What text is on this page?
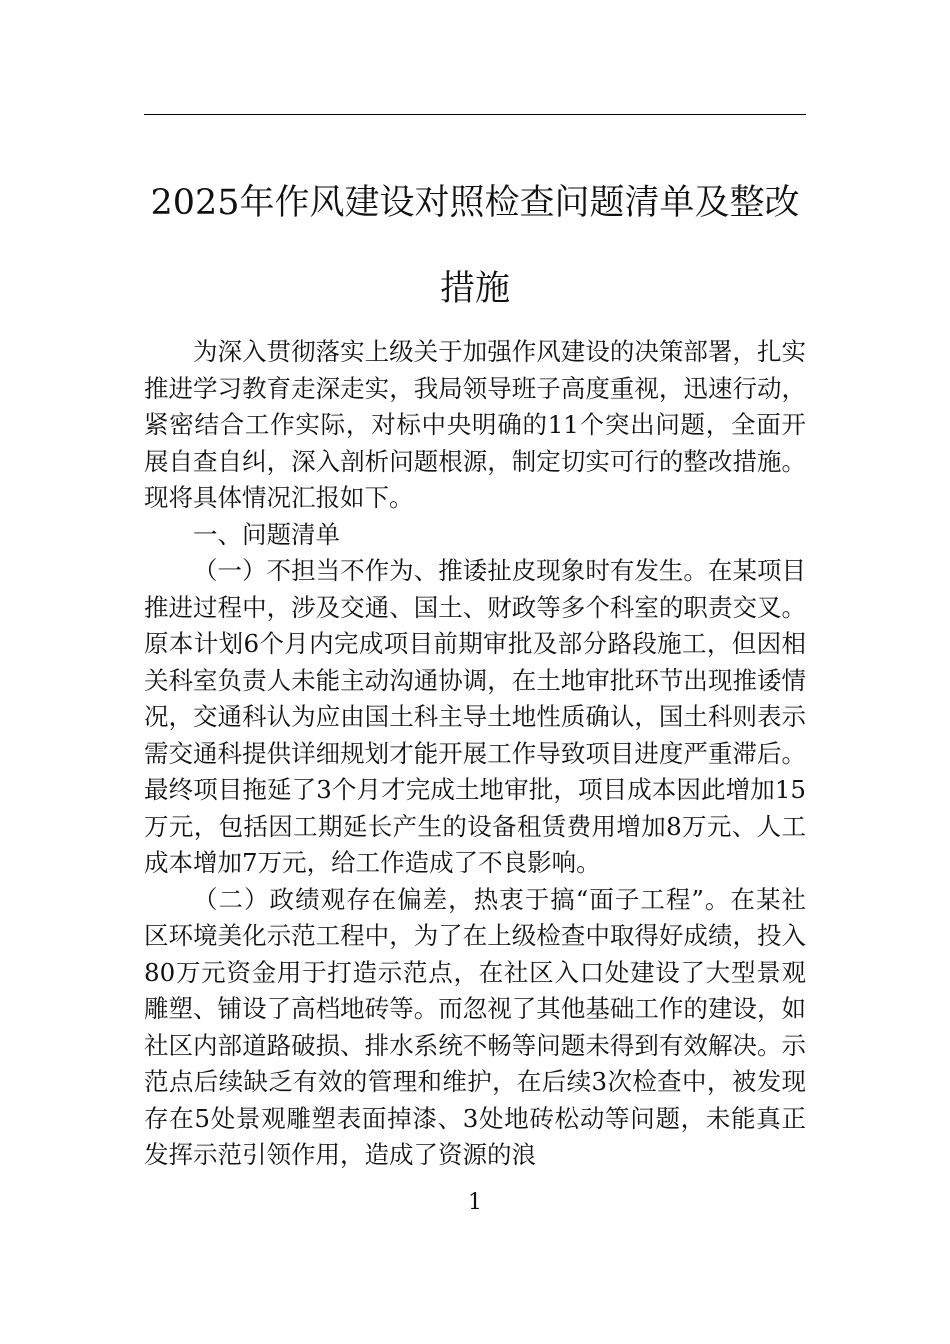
2025年作风建设对照检查问题清单及整改
措施

为深入贯彻落实上级关于加强作风建设的决策部署，扎实推进学习教育走深走实，我局领导班子高度重视，迅速行动，紧密结合工作实际，对标中央明确的11个突出问题，全面开展自查自纠，深入剖析问题根源，制定切实可行的整改措施。现将具体情况汇报如下。

一、问题清单

（一）不担当不作为、推诿扯皮现象时有发生。在某项目推进过程中，涉及交通、国土、财政等多个科室的职责交叉。原本计划6个月内完成项目前期审批及部分路段施工，但因相关科室负责人未能主动沟通协调，在土地审批环节出现推诿情况，交通科认为应由国土科主导土地性质确认，国土科则表示需交通科提供详细规划才能开展工作导致项目进度严重滞后。最终项目拖延了3个月才完成土地审批，项目成本因此增加15万元，包括因工期延长产生的设备租赁费用增加8万元、人工成本增加7万元，给工作造成了不良影响。

（二）政绩观存在偏差，热衷于搞“面子工程”。在某社区环境美化示范工程中，为了在上级检查中取得好成绩，投入80万元资金用于打造示范点，在社区入口处建设了大型景观雕塑、铺设了高档地砖等。而忽视了其他基础工作的建设，如社区内部道路破损、排水系统不畅等问题未得到有效解决。示范点后续缺乏有效的管理和维护，在后续3次检查中，被发现存在5处景观雕塑表面掉漆、3处地砖松动等问题，未能真正发挥示范引领作用，造成了资源的浪

1
